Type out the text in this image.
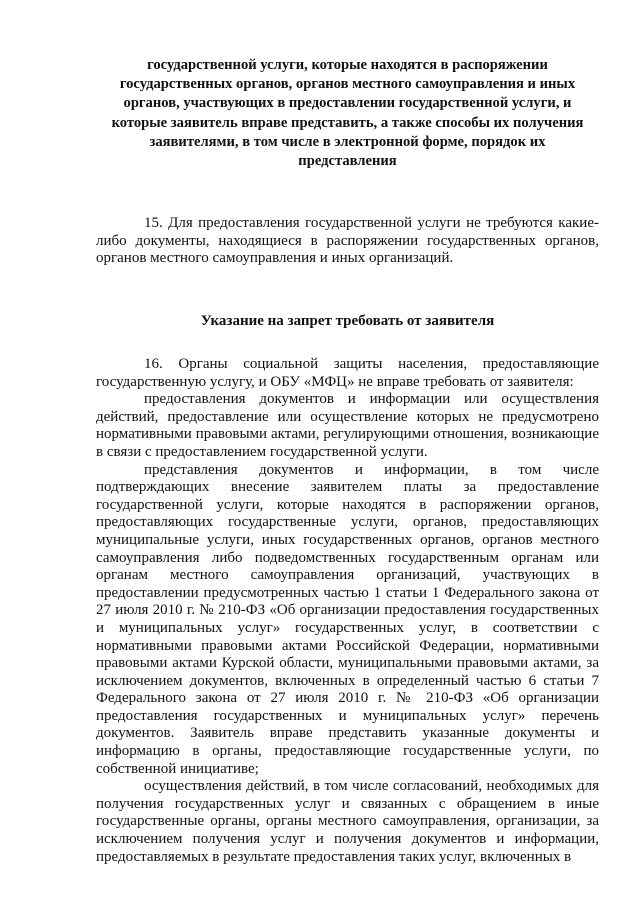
государственной услуги, которые находятся в распоряжении
государственных органов, органов местного самоуправления и иных
органов, участвующих в предоставлении государственной услуги, и
которые заявитель вправе представить, а также способы их получения
заявителями, в том числе в электронной форме, порядок их
представления

15. Для предоставления государственной услуги не требуются какие-либо документы, находящиеся в распоряжении государственных органов, органов местного самоуправления и иных организаций.

Указание на запрет требовать от заявителя

16. Органы социальной защиты населения, предоставляющие государственную услугу, и ОБУ «МФЦ» не вправе требовать от заявителя:

предоставления документов и информации или осуществления действий, предоставление или осуществление которых не предусмотрено нормативными правовыми актами, регулирующими отношения, возникающие в связи с предоставлением государственной услуги.

представления документов и информации, в том числе подтверждающих внесение заявителем платы за предоставление государственной услуги, которые находятся в распоряжении органов, предоставляющих государственные услуги, органов, предоставляющих муниципальные услуги, иных государственных органов, органов местного самоуправления либо подведомственных государственным органам или органам местного самоуправления организаций, участвующих в предоставлении предусмотренных частью 1 статьи 1 Федерального закона от 27 июля 2010 г. № 210-ФЗ «Об организации предоставления государственных и муниципальных услуг» государственных услуг, в соответствии с нормативными правовыми актами Российской Федерации, нормативными правовыми актами Курской области, муниципальными правовыми актами, за исключением документов, включенных в определенный частью 6 статьи 7 Федерального закона от 27 июля 2010 г. № 210-ФЗ «Об организации предоставления государственных и муниципальных услуг» перечень документов. Заявитель вправе представить указанные документы и информацию в органы, предоставляющие государственные услуги, по собственной инициативе;

осуществления действий, в том числе согласований, необходимых для получения государственных услуг и связанных с обращением в иные государственные органы, органы местного самоуправления, организации, за исключением получения услуг и получения документов и информации, предоставляемых в результате предоставления таких услуг, включенных в
